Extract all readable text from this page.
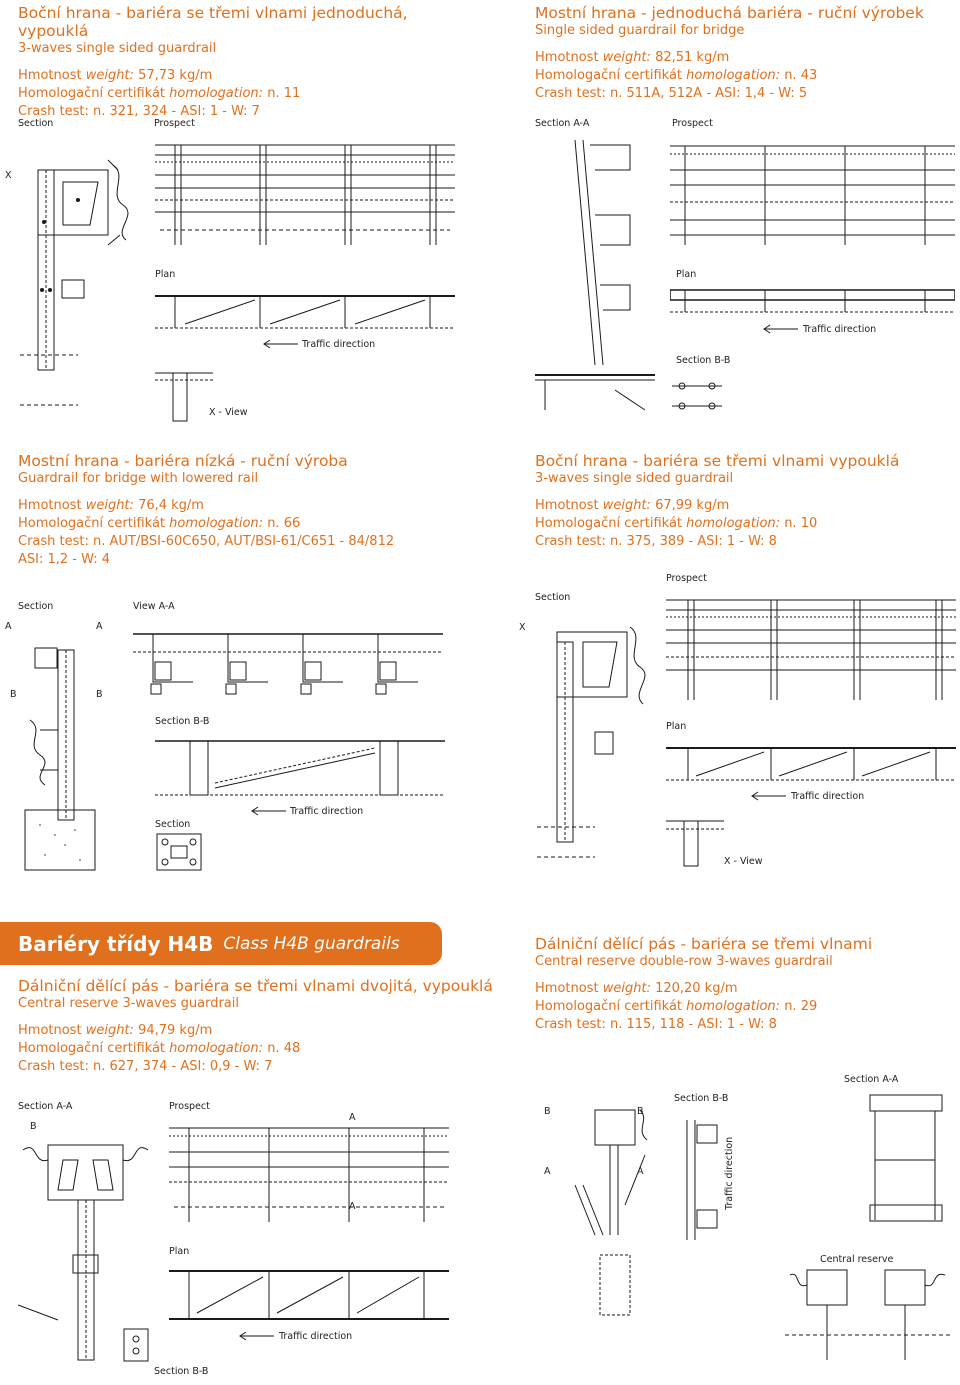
Boční hrana - bariéra se třemi vlnami jednoduchá, vypouklá
3-waves single sided guardrail
Hmotnost weight: 57,73 kg/m
Homologační certifikát homologation: n. 11
Crash test: n. 321, 324 - ASI: 1 - W: 7
Mostní hrana - jednoduchá bariéra - ruční výrobek
Single sided guardrail for bridge
Hmotnost weight: 82,51 kg/m
Homologační certifikát homologation: n. 43
Crash test: n. 511A, 512A - ASI: 1,4 - W: 5
Section	Prospect
X
Plan
Traffic direction
X - View
Section A-A	Prospect
Plan
Traffic direction
Section B-B
Mostní hrana - bariéra nízká - ruční výroba
Guardrail for bridge with lowered rail
Hmotnost weight: 76,4 kg/m
Homologační certifikát homologation: n. 66
Crash test: n. AUT/BSI-60C650, AUT/BSI-61/C651 - 84/812
ASI: 1,2 - W: 4
Boční hrana - bariéra se třemi vlnami vypouklá
3-waves single sided guardrail
Hmotnost weight: 67,99 kg/m
Homologační certifikát homologation: n. 10
Crash test: n. 375, 389 - ASI: 1 - W: 8
Section	View A-A
A	A
B	B
Section B-B
Section
Traffic direction
Prospect
Section
X
Plan
Traffic direction
X - View
Bariéry třídy H4B Class H4B guardrails
Dálniční dělící pás - bariéra se třemi vlnami dvojitá, vypouklá
Central reserve 3-waves guardrail
Hmotnost weight: 94,79 kg/m
Homologační certifikát homologation: n. 48
Crash test: n. 627, 374 - ASI: 0,9 - W: 7
Dálniční dělící pás - bariéra se třemi vlnami
Central reserve double-row 3-waves guardrail
Hmotnost weight: 120,20 kg/m
Homologační certifikát homologation: n. 29
Crash test: n. 115, 118 - ASI: 1 - W: 8
Section A-A	Prospect
B
A
A
Plan
Traffic direction
Section B-B
Section A-A
Section B-B
B	B
A	A
Central reserve
Traffic direction
